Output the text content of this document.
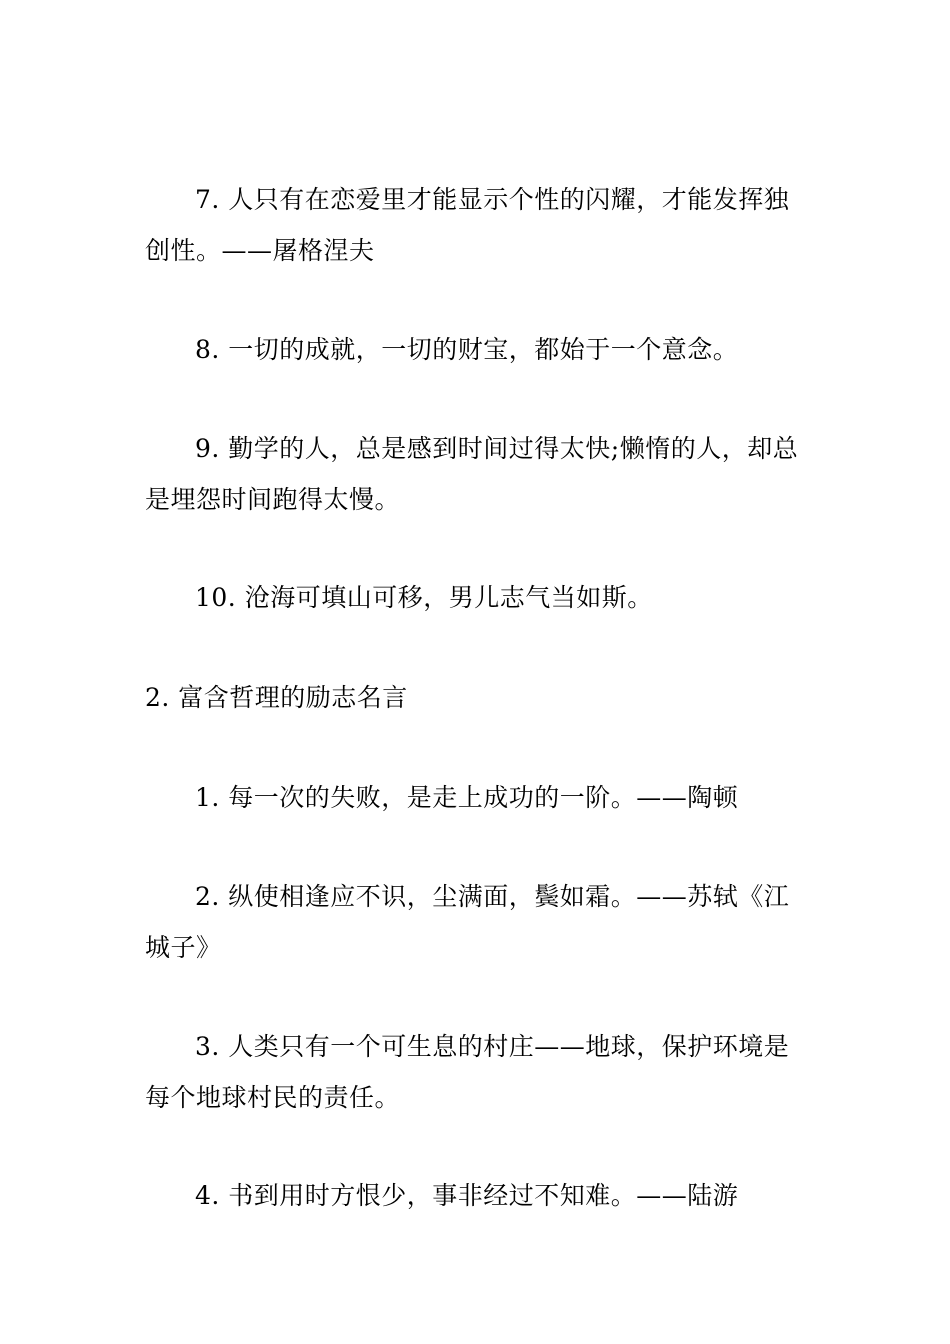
7. 人只有在恋爱里才能显示个性的闪耀，才能发挥独创性。——屠格涅夫

8. 一切的成就，一切的财宝，都始于一个意念。

9. 勤学的人，总是感到时间过得太快;懒惰的人，却总是埋怨时间跑得太慢。

10. 沧海可填山可移，男儿志气当如斯。

2. 富含哲理的励志名言

1. 每一次的失败，是走上成功的一阶。——陶顿

2. 纵使相逢应不识，尘满面，鬓如霜。——苏轼《江城子》

3. 人类只有一个可生息的村庄——地球，保护环境是每个地球村民的责任。

4. 书到用时方恨少，事非经过不知难。——陆游
